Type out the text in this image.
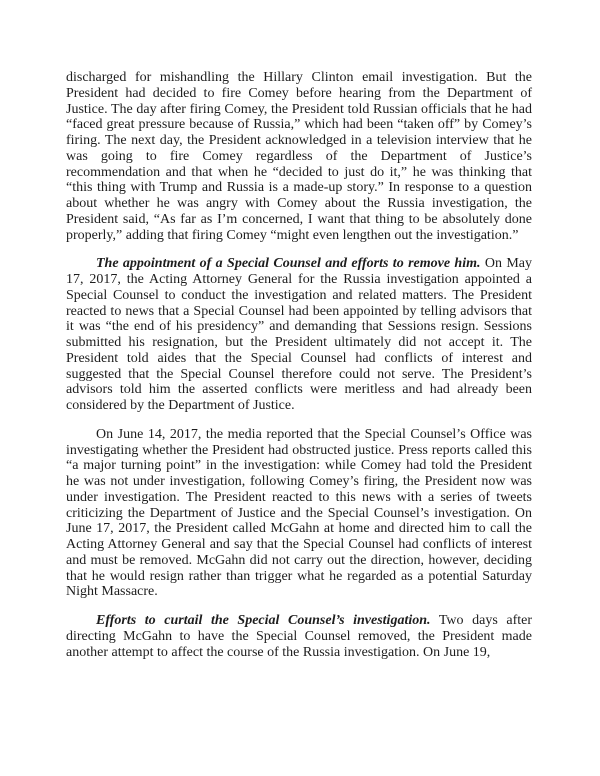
discharged for mishandling the Hillary Clinton email investigation. But the President had decided to fire Comey before hearing from the Department of Justice. The day after firing Comey, the President told Russian officials that he had “faced great pressure because of Russia,” which had been “taken off” by Comey’s firing. The next day, the President acknowledged in a television interview that he was going to fire Comey regardless of the Department of Justice’s recommendation and that when he “decided to just do it,” he was thinking that “this thing with Trump and Russia is a made-up story.” In response to a question about whether he was angry with Comey about the Russia investigation, the President said, “As far as I’m concerned, I want that thing to be absolutely done properly,” adding that firing Comey “might even lengthen out the investigation.”

The appointment of a Special Counsel and efforts to remove him. On May 17, 2017, the Acting Attorney General for the Russia investigation appointed a Special Counsel to conduct the investigation and related matters. The President reacted to news that a Special Counsel had been appointed by telling advisors that it was “the end of his presidency” and demanding that Sessions resign. Sessions submitted his resignation, but the President ultimately did not accept it. The President told aides that the Special Counsel had conflicts of interest and suggested that the Special Counsel therefore could not serve. The President’s advisors told him the asserted conflicts were meritless and had already been considered by the Department of Justice.

On June 14, 2017, the media reported that the Special Counsel’s Office was investigating whether the President had obstructed justice. Press reports called this “a major turning point” in the investigation: while Comey had told the President he was not under investigation, following Comey’s firing, the President now was under investigation. The President reacted to this news with a series of tweets criticizing the Department of Justice and the Special Counsel’s investigation. On June 17, 2017, the President called McGahn at home and directed him to call the Acting Attorney General and say that the Special Counsel had conflicts of interest and must be removed. McGahn did not carry out the direction, however, deciding that he would resign rather than trigger what he regarded as a potential Saturday Night Massacre.

Efforts to curtail the Special Counsel’s investigation. Two days after directing McGahn to have the Special Counsel removed, the President made another attempt to affect the course of the Russia investigation. On June 19,
